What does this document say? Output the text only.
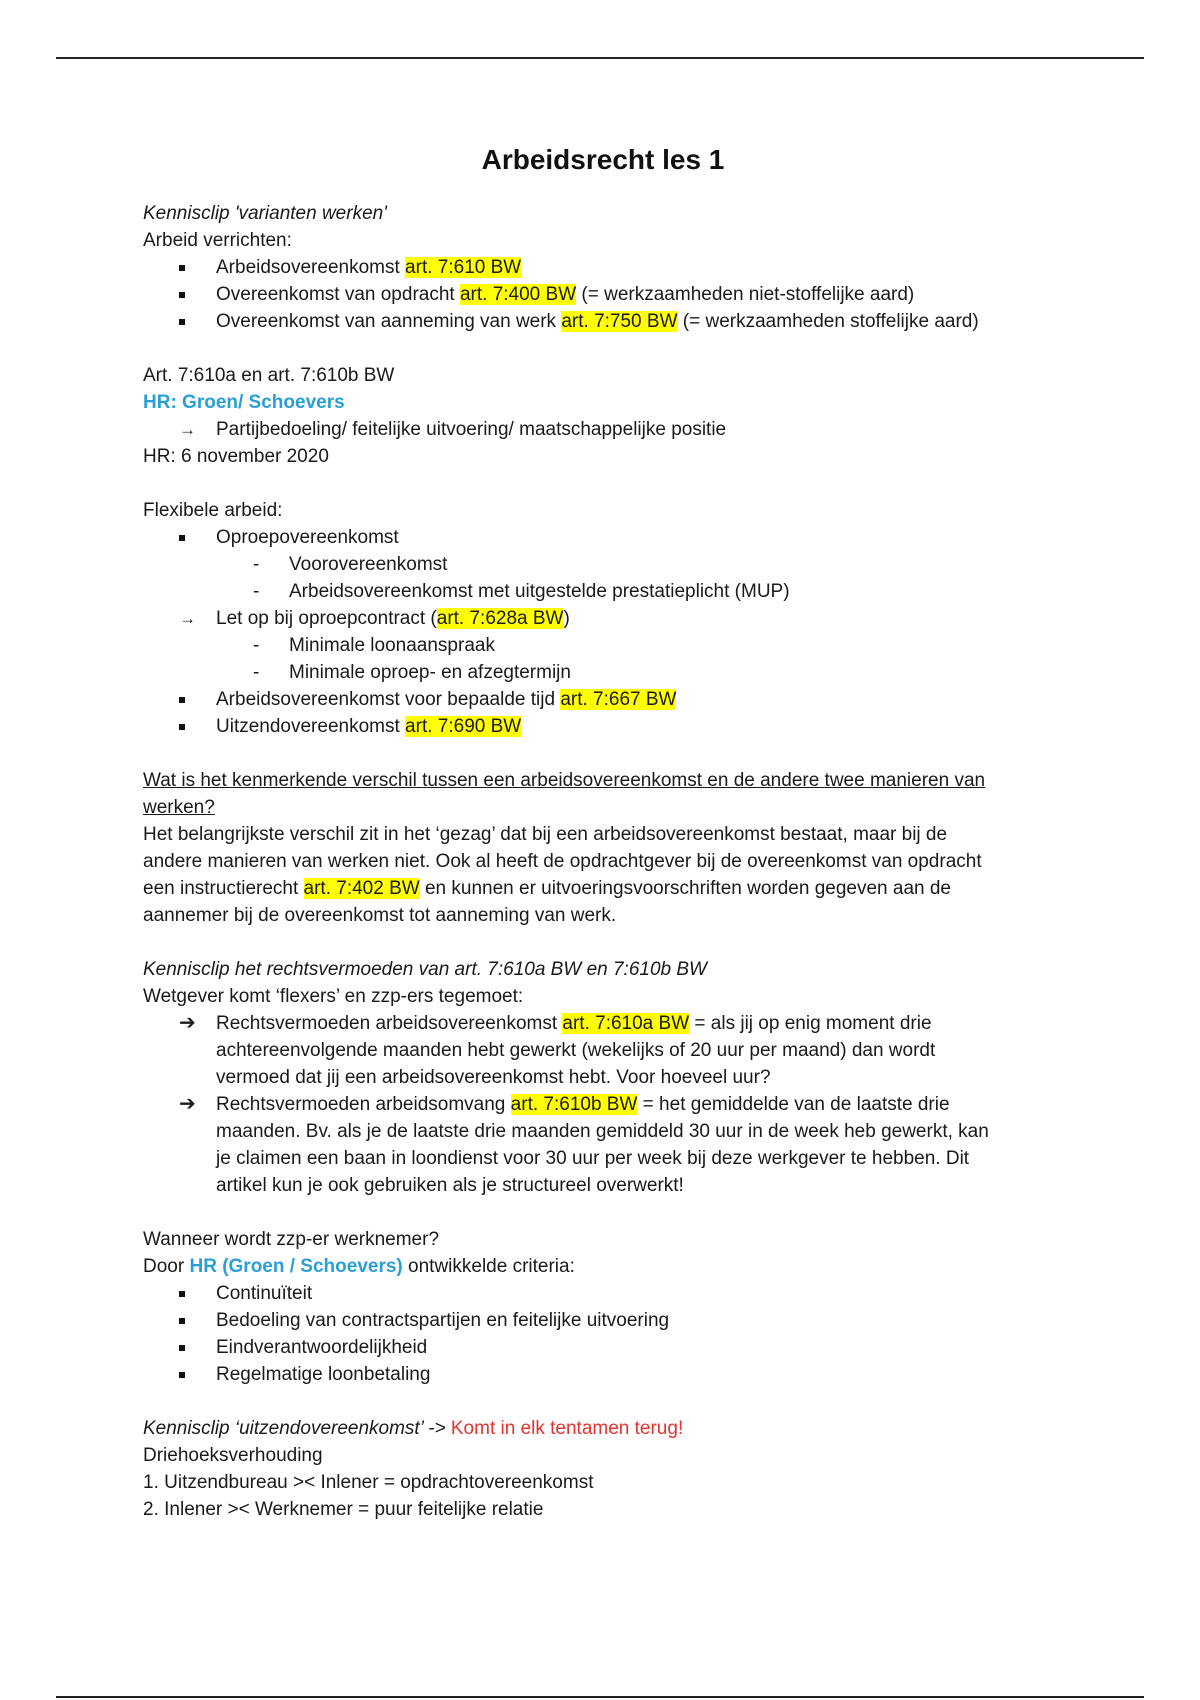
Arbeidsrecht les 1
Kennisclip 'varianten werken'
Arbeid verrichten:
Arbeidsovereenkomst art. 7:610 BW
Overeenkomst van opdracht art. 7:400 BW (= werkzaamheden niet-stoffelijke aard)
Overeenkomst van aanneming van werk art. 7:750 BW (= werkzaamheden stoffelijke aard)
Art. 7:610a en art. 7:610b BW
HR: Groen/ Schoevers
→ Partijbedoeling/ feitelijke uitvoering/ maatschappelijke positie
HR: 6 november 2020
Flexibele arbeid:
Oproepovereenkomst
- Voorovereenkomst
- Arbeidsovereenkomst met uitgestelde prestatieplicht (MUP)
→ Let op bij oproepcontract (art. 7:628a BW)
- Minimale loonaanspraak
- Minimale oproep- en afzegtermijn
Arbeidsovereenkomst voor bepaalde tijd art. 7:667 BW
Uitzendovereenkomst art. 7:690 BW
Wat is het kenmerkende verschil tussen een arbeidsovereenkomst en de andere twee manieren van
werken?
Het belangrijkste verschil zit in het ‘gezag’ dat bij een arbeidsovereenkomst bestaat, maar bij de
andere manieren van werken niet. Ook al heeft de opdrachtgever bij de overeenkomst van opdracht
een instructierecht art. 7:402 BW en kunnen er uitvoeringsvoorschriften worden gegeven aan de
aannemer bij de overeenkomst tot aanneming van werk.
Kennisclip het rechtsvermoeden van art. 7:610a BW en 7:610b BW
Wetgever komt ‘flexers’ en zzp-ers tegemoet:
➔ Rechtsvermoeden arbeidsovereenkomst art. 7:610a BW = als jij op enig moment drie

achtereenvolgende maanden hebt gewerkt (wekelijks of 20 uur per maand) dan wordt

vermoed dat jij een arbeidsovereenkomst hebt. Voor hoeveel uur?

➔ Rechtsvermoeden arbeidsomvang art. 7:610b BW = het gemiddelde van de laatste drie

maanden. Bv. als je de laatste drie maanden gemiddeld 30 uur in de week heb gewerkt, kan

je claimen een baan in loondienst voor 30 uur per week bij deze werkgever te hebben. Dit

artikel kun je ook gebruiken als je structureel overwerkt!

Wanneer wordt zzp-er werknemer?
Door HR (Groen / Schoevers) ontwikkelde criteria:
Continuïteit
Bedoeling van contractspartijen en feitelijke uitvoering
Eindverantwoordelijkheid
Regelmatige loonbetaling
Kennisclip ‘uitzendovereenkomst’ -> Komt in elk tentamen terug!
Driehoeksverhouding
1. Uitzendbureau >< Inlener = opdrachtovereenkomst
2. Inlener >< Werknemer = puur feitelijke relatie
